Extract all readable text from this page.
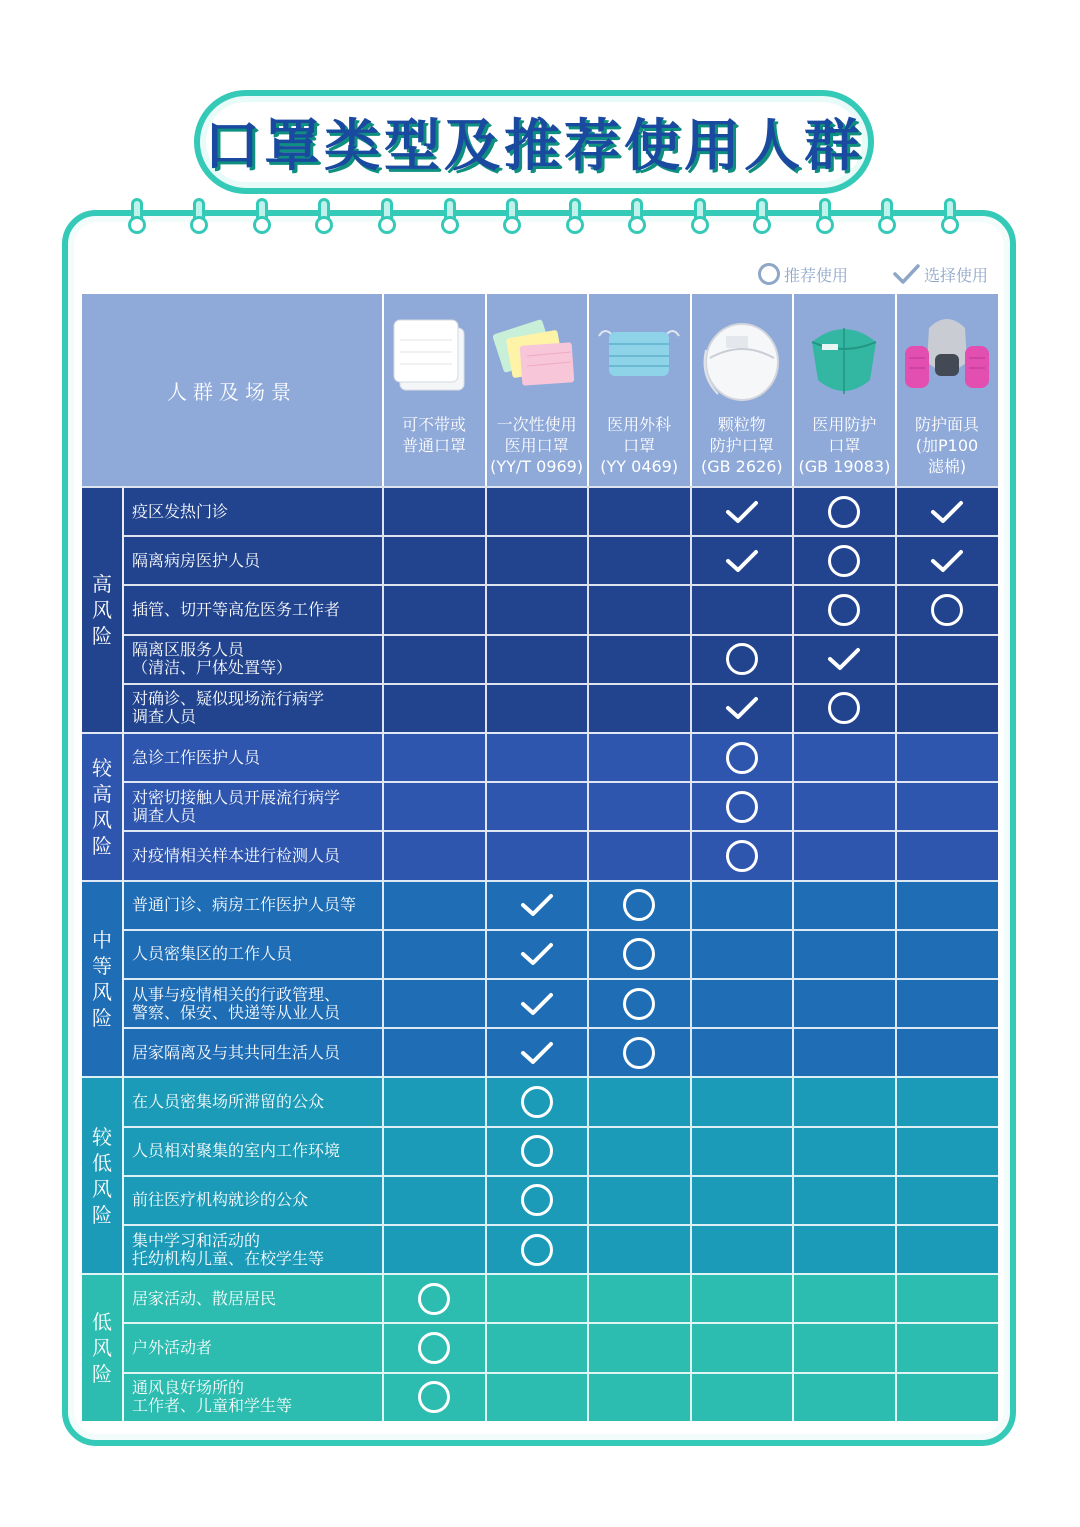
口罩类型及推荐使用人群
推荐使用	选择使用
人群及场景
可不带或
普通口罩
一次性使用
医用口罩
(YY/T 0969)
医用外科
口罩
(YY 0469)
颗粒物
防护口罩
(GB 2626)
医用防护
口罩
(GB 19083)
防护面具
(加P100
滤棉)
高
风
险
疫区发热门诊
隔离病房医护人员
插管、切开等高危医务工作者
隔离区服务人员
（清洁、尸体处置等）
对确诊、疑似现场流行病学
调查人员
较
高
风
险
急诊工作医护人员
对密切接触人员开展流行病学
调查人员
对疫情相关样本进行检测人员
中
等
风
险
普通门诊、病房工作医护人员等
人员密集区的工作人员
从事与疫情相关的行政管理、
警察、保安、快递等从业人员
居家隔离及与其共同生活人员
较
低
风
险
在人员密集场所滞留的公众
人员相对聚集的室内工作环境
前往医疗机构就诊的公众
集中学习和活动的
托幼机构儿童、在校学生等
低
风
险
居家活动、散居居民
户外活动者
通风良好场所的
工作者、儿童和学生等
